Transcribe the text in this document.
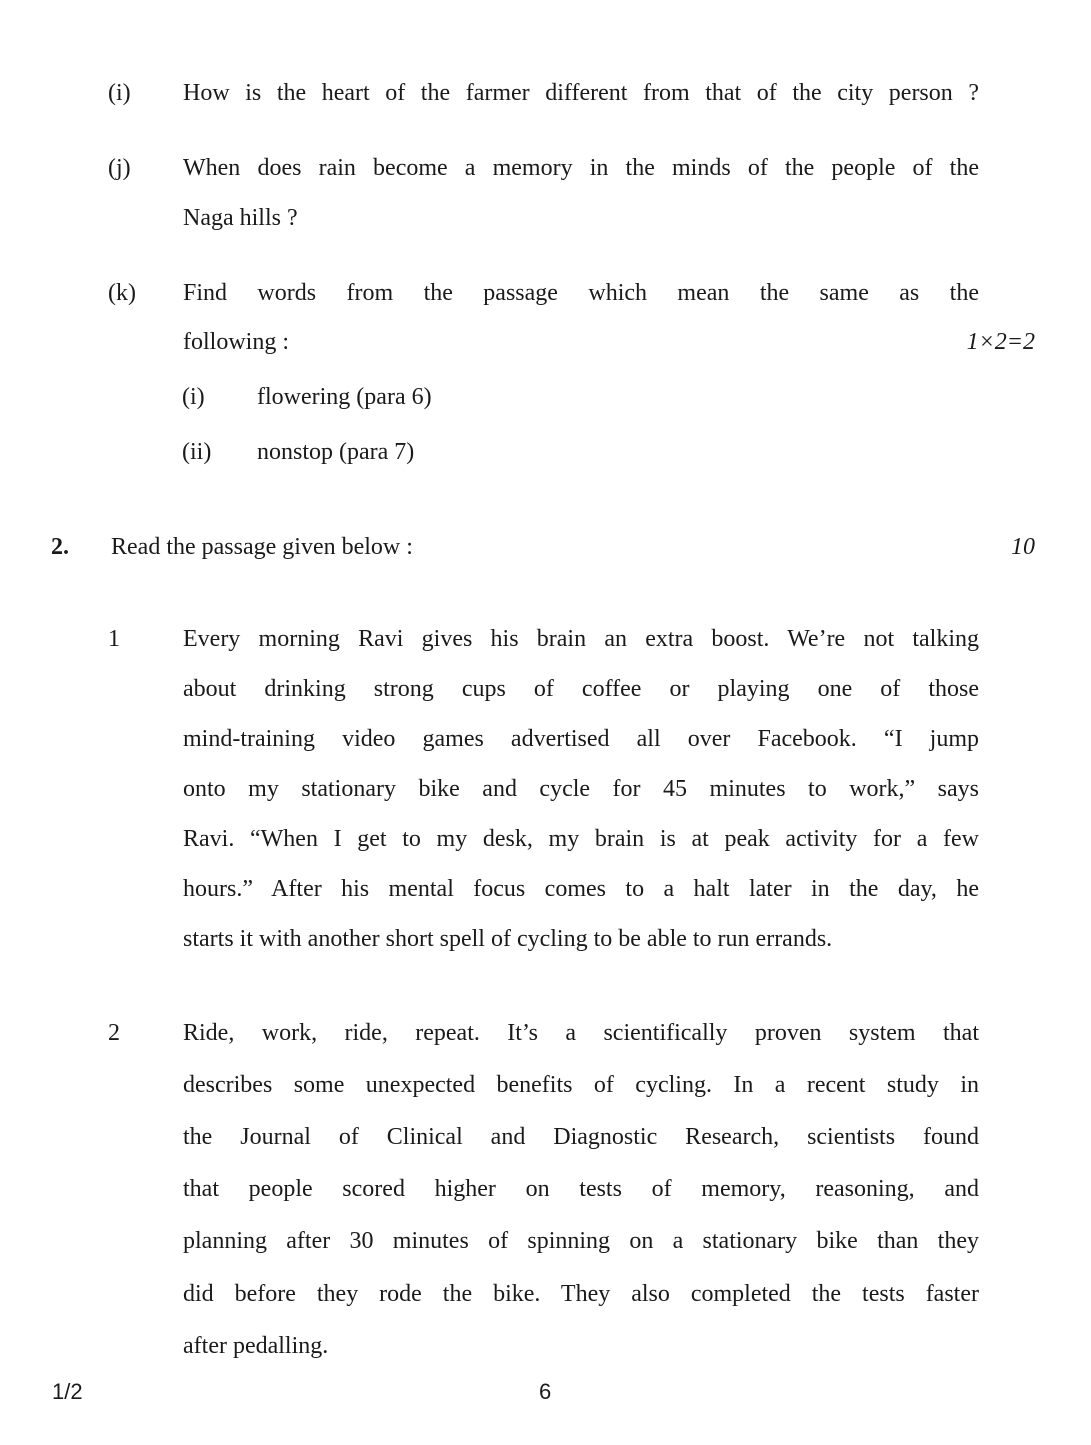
(i) How is the heart of the farmer different from that of the city person ?
(j) When does rain become a memory in the minds of the people of the
Naga hills ?
(k) Find words from the passage which mean the same as the
following :	1×2=2
(i) flowering (para 6)
(ii) nonstop (para 7)
2. Read the passage given below :	10
1	Every morning Ravi gives his brain an extra boost. We’re not talking
about drinking strong cups of coffee or playing one of those
mind-training video games advertised all over Facebook. “I jump
onto my stationary bike and cycle for 45 minutes to work,” says
Ravi. “When I get to my desk, my brain is at peak activity for a few
hours.” After his mental focus comes to a halt later in the day, he
starts it with another short spell of cycling to be able to run errands.
2	Ride, work, ride, repeat. It’s a scientifically proven system that
describes some unexpected benefits of cycling. In a recent study in
the Journal of Clinical and Diagnostic Research, scientists found
that people scored higher on tests of memory, reasoning, and
planning after 30 minutes of spinning on a stationary bike than they
did before they rode the bike. They also completed the tests faster
after pedalling.
1/2	6
